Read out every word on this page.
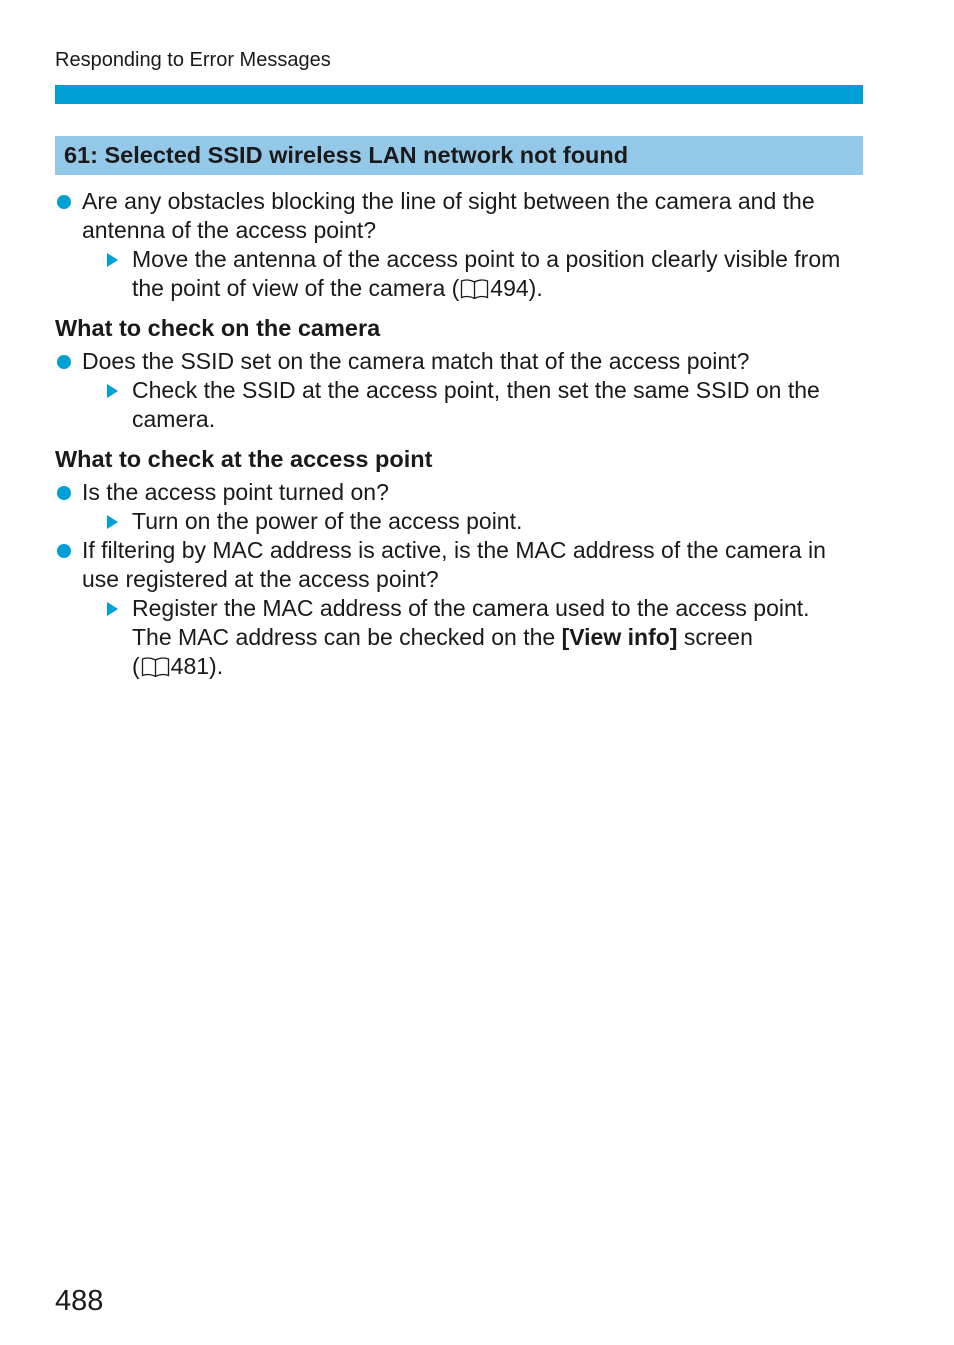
Responding to Error Messages
61: Selected SSID wireless LAN network not found
Are any obstacles blocking the line of sight between the camera and the antenna of the access point?
Move the antenna of the access point to a position clearly visible from the point of view of the camera ( 494).
What to check on the camera
Does the SSID set on the camera match that of the access point?
Check the SSID at the access point, then set the same SSID on the camera.
What to check at the access point
Is the access point turned on?
Turn on the power of the access point.
If filtering by MAC address is active, is the MAC address of the camera in use registered at the access point?
Register the MAC address of the camera used to the access point.
The MAC address can be checked on the [View info] screen
( 481).
488
